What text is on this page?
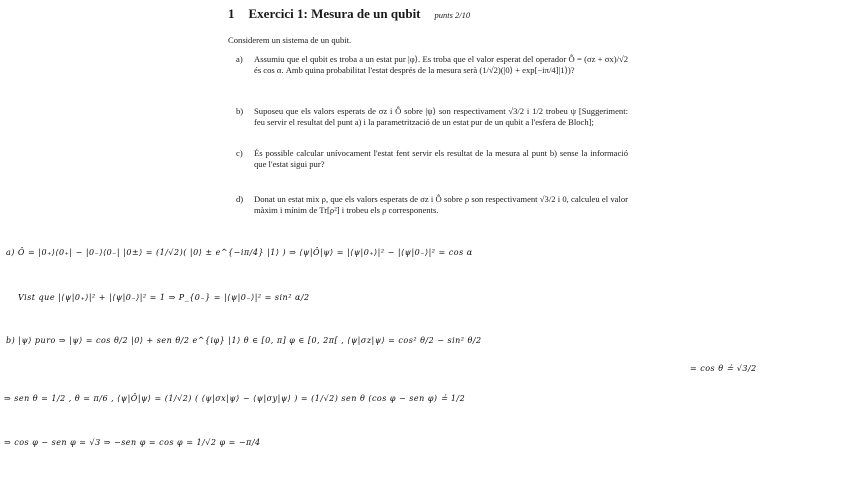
1 Exercici 1: Mesura de un qubit punts 2/10
Considerem un sistema de un qubit.
a)	Assumiu que el qubit es troba a un estat pur |φ⟩. Es troba que el valor esperat del operador Ô = (σz + σx)/√2 és cos α. Amb quina probabilitat l'estat després de la mesura serà (1/√2)(|0⟩ + exp[−iπ/4]|1⟩)?
b)	Suposeu que els valors esperats de σz i Ô sobre |ψ⟩ son respectivament √3/2 i 1/2 trobeu ψ [Suggeriment: feu servir el resultat del punt a) i la parametrització de un estat pur de un qubit a l'esfera de Bloch];
c)	És possible calcular unívocament l'estat fent servir els resultat de la mesura al punt b) sense la informació que l'estat sigui pur?
d)	Donat un estat mix ρ, que els valors esperats de σz i Ô sobre ρ son respectivament √3/2 i 0, calculeu el valor màxim i mínim de Tr[ρ²] i trobeu els ρ corresponents.
a) Ô = |0₊⟩⟨0₊| − |0₋⟩⟨0₋| |0±⟩ = (1/√2)( |0⟩ ± e^{−iπ/4} |1⟩ ) ⇒ ⟨ψ|Ô|ψ⟩ = |⟨ψ|0₊⟩|² − |⟨ψ|0₋⟩|² = cos α
Vist que |⟨ψ|0₊⟩|² + |⟨ψ|0₋⟩|² = 1 ⇒ P_{0₋} = |⟨ψ|0₋⟩|² = sin² α/2
b) |ψ⟩ puro ⇒ |ψ⟩ = cos θ/2 |0⟩ + sen θ/2 e^{iφ} |1⟩ θ ∈ [0, π] φ ∈ [0, 2π[ , ⟨ψ|σz|ψ⟩ = cos² θ/2 − sin² θ/2
= cos θ ≟ √3/2
⇒ sen θ = 1/2 , θ = π/6 , ⟨ψ|Ô|ψ⟩ = (1/√2) ( ⟨ψ|σx|ψ⟩ − ⟨ψ|σy|ψ⟩ ) = (1/√2) sen θ (cos φ − sen φ) ≟ 1/2
⇒ cos φ − sen φ = √3 ⇒ −sen φ = cos φ = 1/√2 φ = −π/4
